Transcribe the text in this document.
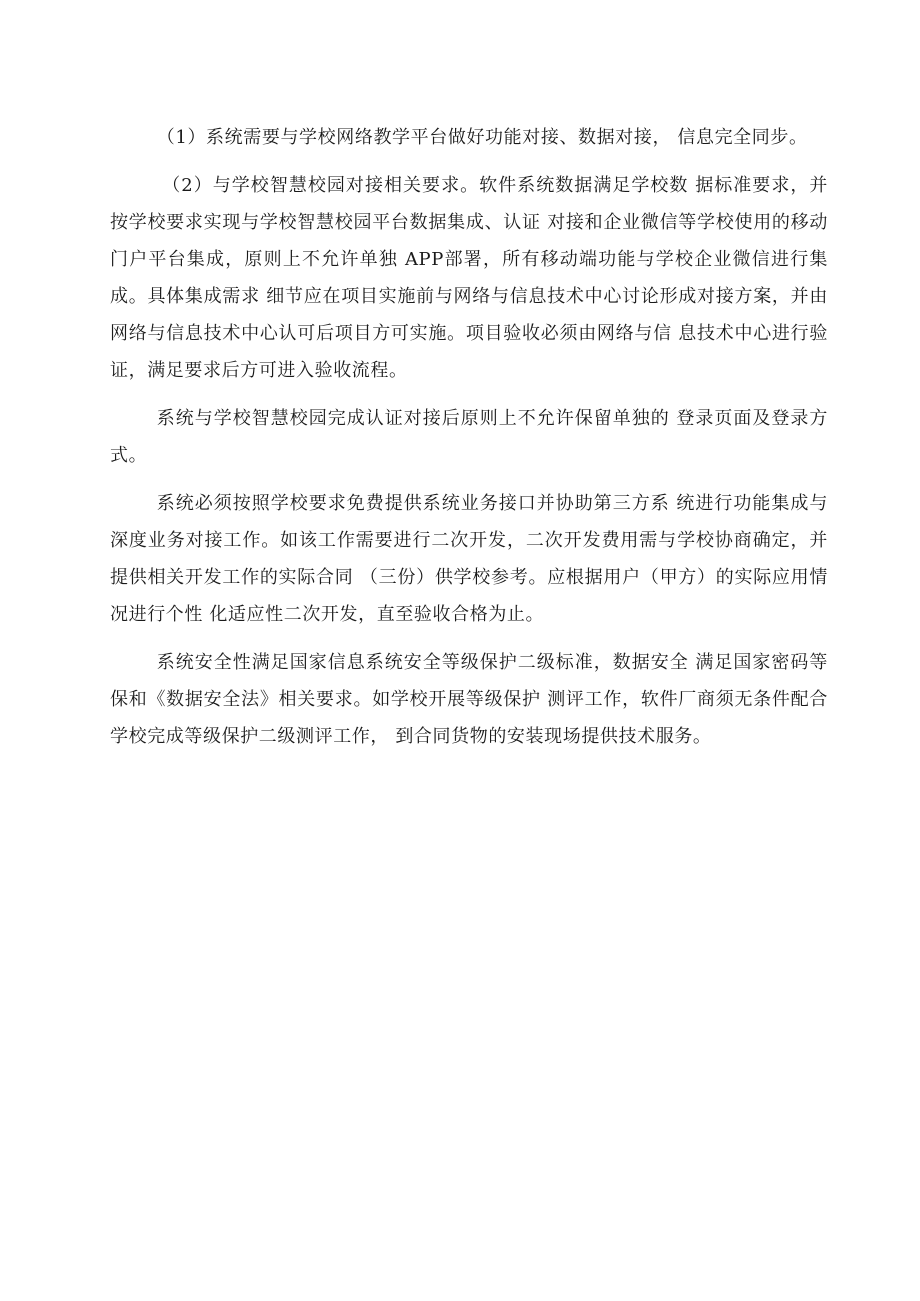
（1）系统需要与学校网络教学平台做好功能对接、数据对接， 信息完全同步。

（2）与学校智慧校园对接相关要求。软件系统数据满足学校数 据标准要求，并按学校要求实现与学校智慧校园平台数据集成、认证 对接和企业微信等学校使用的移动门户平台集成，原则上不允许单独 APP部署，所有移动端功能与学校企业微信进行集成。具体集成需求 细节应在项目实施前与网络与信息技术中心讨论形成对接方案，并由 网络与信息技术中心认可后项目方可实施。项目验收必须由网络与信 息技术中心进行验证，满足要求后方可进入验收流程。

系统与学校智慧校园完成认证对接后原则上不允许保留单独的 登录页面及登录方式。

系统必须按照学校要求免费提供系统业务接口并协助第三方系 统进行功能集成与深度业务对接工作。如该工作需要进行二次开发，二次开发费用需与学校协商确定，并提供相关开发工作的实际合同 （三份）供学校参考。应根据用户（甲方）的实际应用情况进行个性 化适应性二次开发，直至验收合格为止。

系统安全性满足国家信息系统安全等级保护二级标准，数据安全 满足国家密码等保和《数据安全法》相关要求。如学校开展等级保护 测评工作，软件厂商须无条件配合学校完成等级保护二级测评工作， 到合同货物的安装现场提供技术服务。
